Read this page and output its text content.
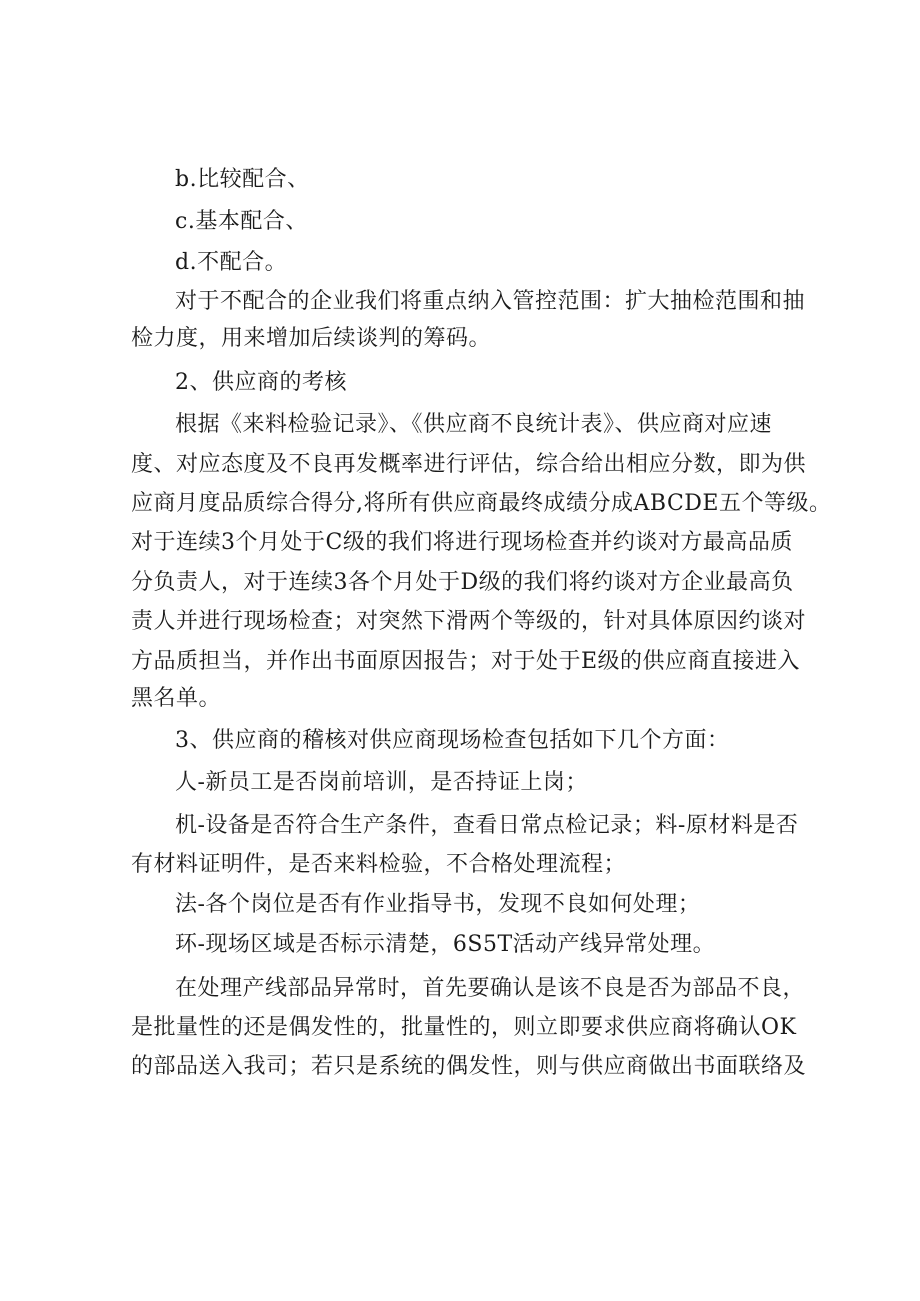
b.比较配合、
c.基本配合、
d.不配合。
对于不配合的企业我们将重点纳入管控范围：扩大抽检范围和抽
检力度，用来增加后续谈判的筹码。
2、供应商的考核
根据《来料检验记录》、《供应商不良统计表》、供应商对应速
度、对应态度及不良再发概率进行评估，综合给出相应分数，即为供
应商月度品质综合得分,将所有供应商最终成绩分成ABCDE五个等级。
对于连续3个月处于C级的我们将进行现场检查并约谈对方最高品质
分负责人，对于连续3各个月处于D级的我们将约谈对方企业最高负
责人并进行现场检查；对突然下滑两个等级的，针对具体原因约谈对
方品质担当，并作出书面原因报告；对于处于E级的供应商直接进入
黑名单。
3、供应商的稽核对供应商现场检查包括如下几个方面：
人-新员工是否岗前培训，是否持证上岗；
机-设备是否符合生产条件，查看日常点检记录；料-原材料是否
有材料证明件，是否来料检验，不合格处理流程；
法-各个岗位是否有作业指导书，发现不良如何处理；
环-现场区域是否标示清楚，6S5T活动产线异常处理。
在处理产线部品异常时，首先要确认是该不良是否为部品不良，
是批量性的还是偶发性的，批量性的，则立即要求供应商将确认OK
的部品送入我司；若只是系统的偶发性，则与供应商做出书面联络及
